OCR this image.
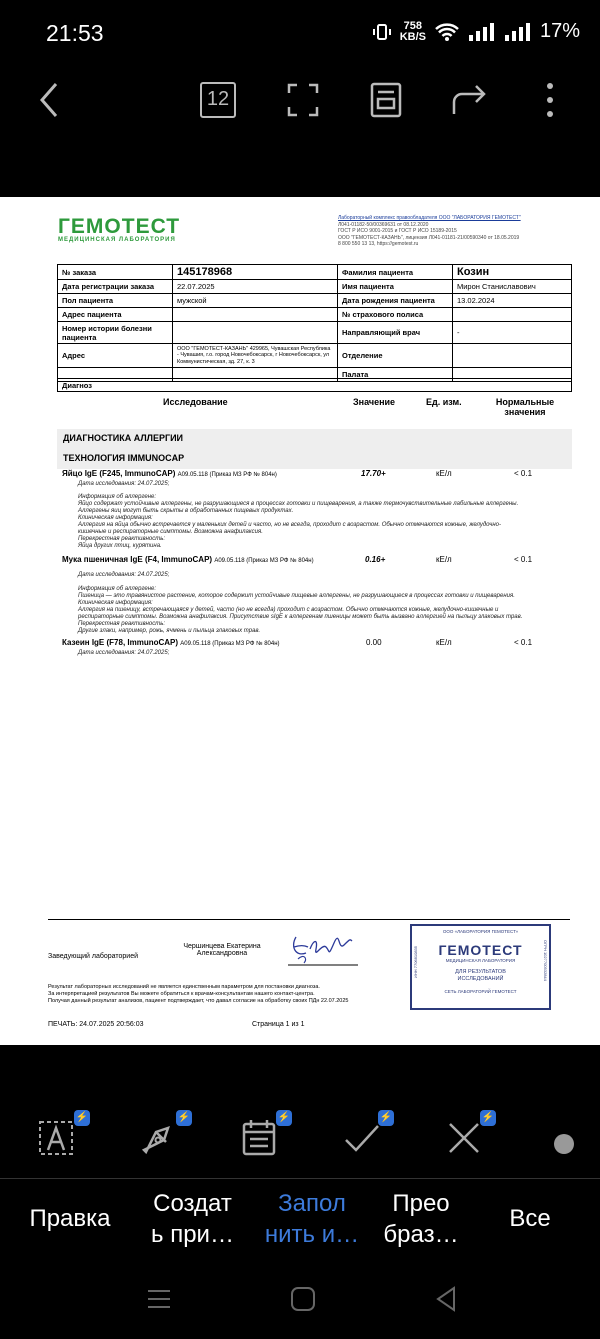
21:53	758
KB/S	17%
12
ГЕМОТЕСТ
МЕДИЦИНСКАЯ ЛАБОРАТОРИЯ
Лабораторный комплекс правообладателя ООО "ЛАБОРАТОРИЯ ГЕМОТЕСТ"
Л041-01182-50/00369631 от 08.12.2020
ГОСТ Р ИСО 9001-2015 и ГОСТ Р ИСО 15189-2015
ООО "ГЕМОТЕСТ-КАЗАНЬ", лицензия Л041-01181-21/00590340 от 18.05.2019
8 800 550 13 13, https://gemotest.ru
№ заказа	145178968	Фамилия пациента	Козин
Дата регистрации заказа	22.07.2025	Имя пациента	Мирон Станиславович
Пол пациента	мужской	Дата рождения пациента	13.02.2024
Адрес пациента		№ страхового полиса	
Номер истории болезни пациента		Направляющий врач	-
Адрес	ООО "ГЕМОТЕСТ-КАЗАНЬ" 429965, Чувашская Республика - Чувашия, г.о. город Новочебоксарск, г Новочебоксарск, ул Коммунистическая, зд. 27, к. 3	Отделение	
		Палата	
Диагноз
Исследование	Значение	Ед. изм.	Нормальные значения
ДИАГНОСТИКА АЛЛЕРГИИ
ТЕХНОЛОГИЯ IMMUNOCAP
Яйцо IgE (F245, ImmunoCAP) A09.05.118 (Приказ МЗ РФ № 804н)	17.70+	кЕ/л	< 0.1
Дата исследования: 24.07.2025;
Информация об аллергене:
Яйцо содержат устойчивые аллергены, не разрушающиеся в процессах готовки и пищеварения, а также термочувствительные лабильные аллергены.
Аллергены яиц могут быть скрыты в обработанных пищевых продуктах.
Клиническая информация:
Аллергия на яйца обычно встречается у маленьких детей и часто, но не всегда, проходит с возрастом. Обычно отмечаются кожные, желудочно-
кишечные и респираторные симптомы. Возможна анафилаксия.
Перекрестная реактивность:
Яйца других птиц, курятина.
Мука пшеничная IgE (F4, ImmunoCAP) A09.05.118 (Приказ МЗ РФ № 804н)	0.16+	кЕ/л	< 0.1
Дата исследования: 24.07.2025;
Информация об аллергене:
Пшеница — это травянистое растение, которое содержит устойчивые пищевые аллергены, не разрушающиеся в процессах готовки и пищеварения.
Клиническая информация:
Аллергия на пшеницу, встречающаяся у детей, часто (но не всегда) проходит с возрастом. Обычно отмечаются кожные, желудочно-кишечные и
респираторные симптомы. Возможна анафилаксия. Присутствие sIgE к аллергенам пшеницы может быть вызвано аллергией на пыльцу злаковых трав.
Перекрестная реактивность:
Другие злаки, например, рожь, ячмень и пыльца злаковых трав.
Казеин IgE (F78, ImmunoCAP) A09.05.118 (Приказ МЗ РФ № 804н)	0.00	кЕ/л	< 0.1
Дата исследования: 24.07.2025;
Заведующий лабораторией
Чершинцева Екатерина Александровна
Результат лабораторных исследований не является единственным параметром для постановки диагноза.
За интерпретацией результатов Вы можете обратиться к врачам-консультантам нашего контакт-центра.
Получая данный результат анализов, пациент подтверждает, что давал согласие на обработку своих ПДн 22.07.2025
ПЕЧАТЬ: 24.07.2025 20:56:03	Страница 1 из 1
ООО «ЛАБОРАТОРИЯ ГЕМОТЕСТ»
ГЕМОТЕСТ
МЕДИЦИНСКАЯ ЛАБОРАТОРИЯ
ДЛЯ РЕЗУЛЬТАТОВ ИССЛЕДОВАНИЙ
СЕТЬ ЛАБОРАТОРИЙ ГЕМОТЕСТ
ИНН 7706810835	ОГРН 1027700532844
⚡	⚡	⚡	⚡	⚡
Правка
Создат
ь при…
Запол
нить и…
Прео
браз…
Все
